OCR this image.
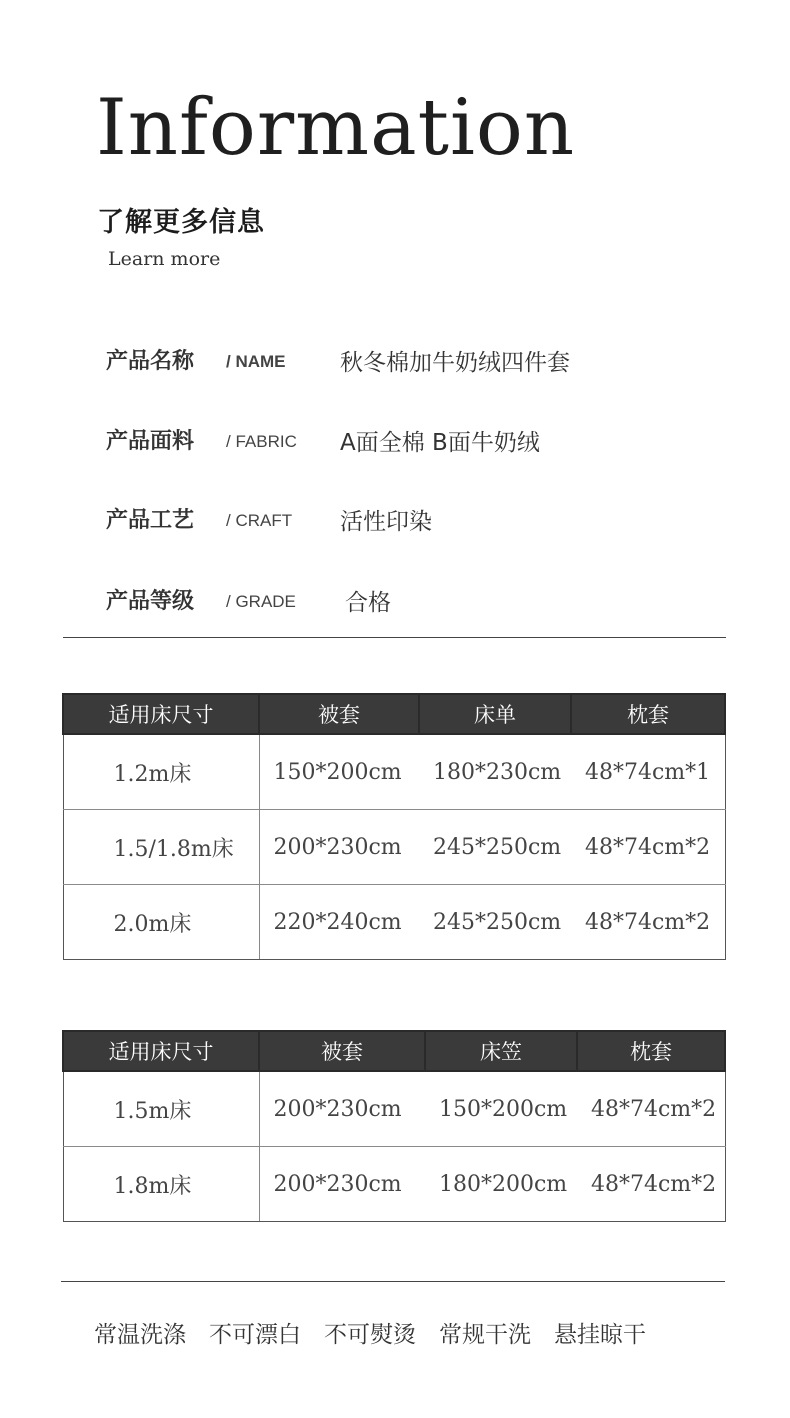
Information
了解更多信息
Learn more
产品名称 / NAME 秋冬棉加牛奶绒四件套
产品面料 / FABRIC A面全棉 B面牛奶绒
产品工艺 / CRAFT 活性印染
产品等级 / GRADE 合格
适用床尺寸	被套	床单	枕套
1.2m床	150*200cm	180*230cm	48*74cm*1
1.5/1.8m床	200*230cm	245*250cm	48*74cm*2
2.0m床	220*240cm	245*250cm	48*74cm*2
适用床尺寸	被套	床笠	枕套
1.5m床	200*230cm	150*200cm	48*74cm*2
1.8m床	200*230cm	180*200cm	48*74cm*2
常温洗涤 不可漂白 不可熨烫 常规干洗 悬挂晾干
